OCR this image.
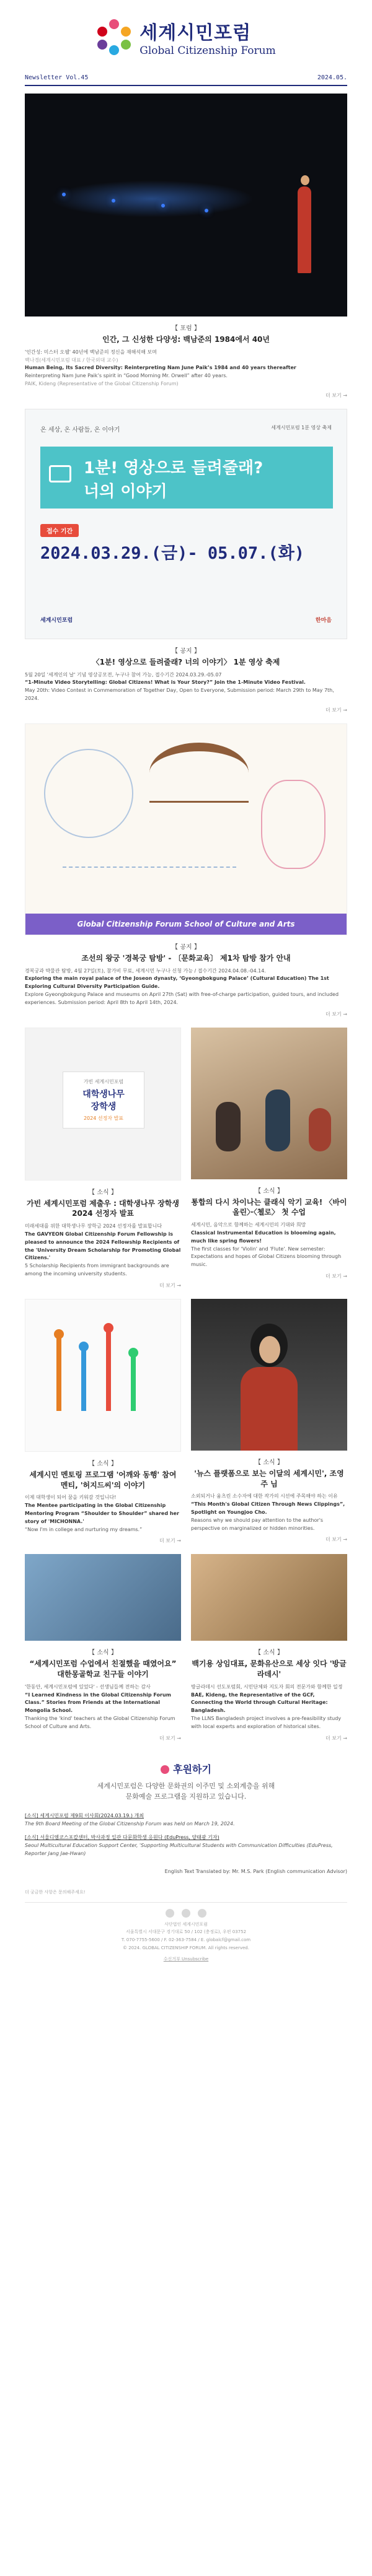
세계시민포럼
Global Citizenship Forum
Newsletter Vol.45	2024.05.
【 포럼 】
인간, 그 신성한 다양성: 백남준의 1984에서 40년
'인간성: 미스터 오웰' 40년에 백남준의 정신을 재해석해 보며
백나경(세계시민포럼 대표 / 한국외대 교수)
Human Being, Its Sacred Diversity: Reinterpreting Nam June Paik’s 1984 and 40 years thereafter
Reinterpreting Nam June Paik’s spirit in “Good Morning Mr. Orwell” after 40 years.
PAIK, Kideng (Representative of the Global Citizenship Forum)
더 보기 →
온 세상, 온 사람들, 온 이야기	세계시민포럼 1분 영상 축제
1분! 영상으로 들려줄래?
너의 이야기
접수 기간
2024.03.29.(금)- 05.07.(화)
세계시민포럼	한마음
【 공지 】
〈1분! 영상으로 들려줄래? 너의 이야기〉 1분 영상 축제
5월 20일 '세계인의 날' 기념 영상공모전, 누구나 참여 가능, 접수기간 2024.03.29.-05.07
“1-Minute Video Storytelling: Global Citizens! What is Your Story?” Join the 1-Minute Video Festival.
May 20th: Video Contest in Commemoration of Together Day, Open to Everyone, Submission period: March 29th to May 7th, 2024.
더 보기 →
Global Citizenship Forum School of Culture and Arts
【 공지 】
조선의 왕궁 '경복궁 탐방' - 〔문화교육〕 제1차 탐방 참가 안내
경복궁과 박물관 탐방, 4월 27일(토), 참가비 무료, 세계시민 누구나 신청 가능 / 접수기간 2024.04.08.-04.14.
Exploring the main royal palace of the Joseon dynasty, ‘Gyeongbokgung Palace’ (Cultural Education) The 1st Exploring Cultural Diversity Participation Guide.
Explore Gyeongbokgung Palace and museums on April 27th (Sat) with free-of-charge participation, guided tours, and included experiences. Submission period: April 8th to April 14th, 2024.
더 보기 →
가빈 세계시민포럼
대학생나무
장학생
2024 선정자 발표
【 소식 】
가빈 세계시민포럼 제출우 : 대학생나무 장학생 2024 선정자 발표
미래세대를 위한 대학생나무 장학금 2024 선정자를 발표합니다
The GAVYEON Global Citizenship Forum Fellowship is pleased to announce the 2024 Fellowship Recipients of the 'University Dream Scholarship for Promoting Global Citizens.'
5 Scholarship Recipients from immigrant backgrounds are among the incoming university students.
더 보기 →
【 소식 】
통합의 다시 차이나는 클래식 악기 교육! 〈바이올린〉·〈첼로〉 첫 수업
세계시민, 음악으로 함께하는 세계시민의 기대와 희망
Classical Instrumental Education is blooming again, much like spring flowers!
The first classes for 'Violin' and 'Flute'. New semester: Expectations and hopes of Global Citizens blooming through music.
더 보기 →
【 소식 】
세계시민 멘토링 프로그램 '어깨와 동행' 참여 멘티, '허지드씨'의 이야기
이제 대학생이 되어 꿈을 키워갈 것입니다!
The Mentee participating in the Global Citizenship Mentoring Program “Shoulder to Shoulder” shared her story of 'MICHONNA.'
“Now I'm in college and nurturing my dreams.”
더 보기 →
【 소식 】
'뉴스 플랫폼으로 보는 이달의 세계시민', 조영주 님
소외되거나 움츠린 소수자에 대한 작가의 시선에 주목해야 하는 이유
“This Month's Global Citizen Through News Clippings”, Spotlight on Youngjoo Cho.
Reasons why we should pay attention to the author's perspective on marginalized or hidden minorities.
더 보기 →
【 소식 】
“세계시민포럼 수업에서 친절했을 때였어요” 대한몽골학교 친구들 이야기
'한동안, 세계시민포럼에 있었다' - 선생님들께 전하는 감사
“I Learned Kindness in the Global Citizenship Forum Class.” Stories from Friends at the International Mongolia School.
Thanking the 'kind' teachers at the Global Citizenship Forum School of Culture and Arts.
더 보기 →
【 소식 】
백기용 상임대표, 문화유산으로 세상 잇다 '방글라데시'
방글라데시 선도포럼회, 시민단체와 지도자 회의 전문가와 함께한 일정
BAE, Kideng, the Representative of the GCF, Connecting the World through Cultural Heritage: Bangladesh.
The LLNS Bangladesh project involves a pre-feasibility study with local experts and exploration of historical sites.
더 보기 →
후원하기
세계시민포럼은 다양한 문화권의 이주민 및 소외계층을 위해
문화예술 프로그램을 지원하고 있습니다.
[소식] 세계시민포럼 제9회 이사회(2024.03.19.) 개최
The 9th Board Meeting of the Global Citizenship Forum was held on March 19, 2024.
[소식] 서울디엠코스포칼센터, 박사과정 일관 다문화학생 응원다 (EduPress, 양태광 기자)
Seoul Multicultural Education Support Center, 'Supporting Multicultural Students with Communication Difficulties (EduPress, Reporter Jang Jae-Hwan)
English Text Translated by: Mr. M.S. Park (English communication Advisor)
더 궁금한 사항은 문의해주세요!

사단법인 세계시민포럼
서울특별시 서대문구 경기대로 50 / 102 (충정로), 우편 03752
T. 070-7755-5600 / F. 02-363-7584 / E. globalcf@gmail.com
© 2024. GLOBAL CITIZENSHIP FORUM. All rights reserved.
수신거부 Unsubscribe
